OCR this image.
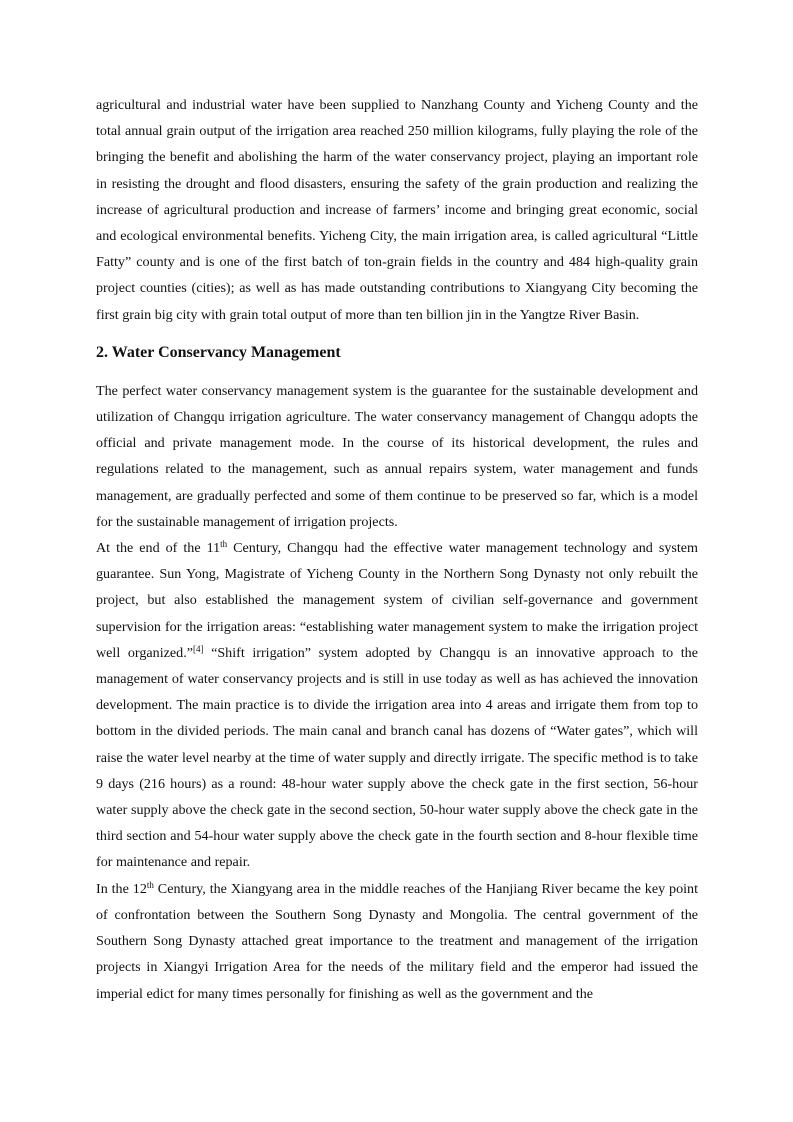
agricultural and industrial water have been supplied to Nanzhang County and Yicheng County and the total annual grain output of the irrigation area reached 250 million kilograms, fully playing the role of the bringing the benefit and abolishing the harm of the water conservancy project, playing an important role in resisting the drought and flood disasters, ensuring the safety of the grain production and realizing the increase of agricultural production and increase of farmers’ income and bringing great economic, social and ecological environmental benefits. Yicheng City, the main irrigation area, is called agricultural “Little Fatty” county and is one of the first batch of ton-grain fields in the country and 484 high-quality grain project counties (cities); as well as has made outstanding contributions to Xiangyang City becoming the first grain big city with grain total output of more than ten billion jin in the Yangtze River Basin.

2. Water Conservancy Management

The perfect water conservancy management system is the guarantee for the sustainable development and utilization of Changqu irrigation agriculture. The water conservancy management of Changqu adopts the official and private management mode. In the course of its historical development, the rules and regulations related to the management, such as annual repairs system, water management and funds management, are gradually perfected and some of them continue to be preserved so far, which is a model for the sustainable management of irrigation projects.

At the end of the 11th Century, Changqu had the effective water management technology and system guarantee. Sun Yong, Magistrate of Yicheng County in the Northern Song Dynasty not only rebuilt the project, but also established the management system of civilian self-governance and government supervision for the irrigation areas: “establishing water management system to make the irrigation project well organized.”[4] “Shift irrigation” system adopted by Changqu is an innovative approach to the management of water conservancy projects and is still in use today as well as has achieved the innovation development. The main practice is to divide the irrigation area into 4 areas and irrigate them from top to bottom in the divided periods. The main canal and branch canal has dozens of “Water gates”, which will raise the water level nearby at the time of water supply and directly irrigate. The specific method is to take 9 days (216 hours) as a round: 48-hour water supply above the check gate in the first section, 56-hour water supply above the check gate in the second section, 50-hour water supply above the check gate in the third section and 54-hour water supply above the check gate in the fourth section and 8-hour flexible time for maintenance and repair.

In the 12th Century, the Xiangyang area in the middle reaches of the Hanjiang River became the key point of confrontation between the Southern Song Dynasty and Mongolia. The central government of the Southern Song Dynasty attached great importance to the treatment and management of the irrigation projects in Xiangyi Irrigation Area for the needs of the military field and the emperor had issued the imperial edict for many times personally for finishing as well as the government and the
